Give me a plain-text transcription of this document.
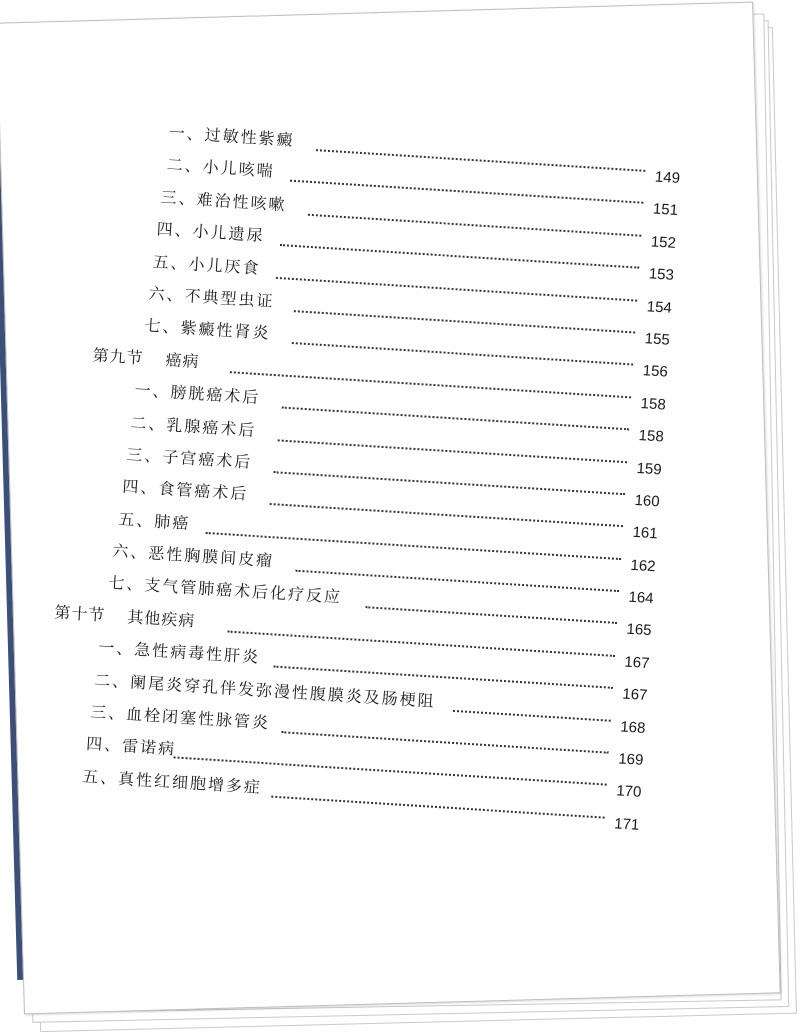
一、过敏性紫癜
149
二、小儿咳喘
151
三、难治性咳嗽
152
四、小儿遗尿
153
五、小儿厌食
154
六、不典型虫证
155
七、紫癜性肾炎
156
第九节 癌病
158
一、膀胱癌术后
158
二、乳腺癌术后
159
三、子宫癌术后
160
四、食管癌术后
161
五、肺癌
162
六、恶性胸膜间皮瘤
164
七、支气管肺癌术后化疗反应
165
第十节 其他疾病
167
一、急性病毒性肝炎
167
二、阑尾炎穿孔伴发弥漫性腹膜炎及肠梗阻
168
三、血栓闭塞性脉管炎
169
四、雷诺病
170
五、真性红细胞增多症
171
